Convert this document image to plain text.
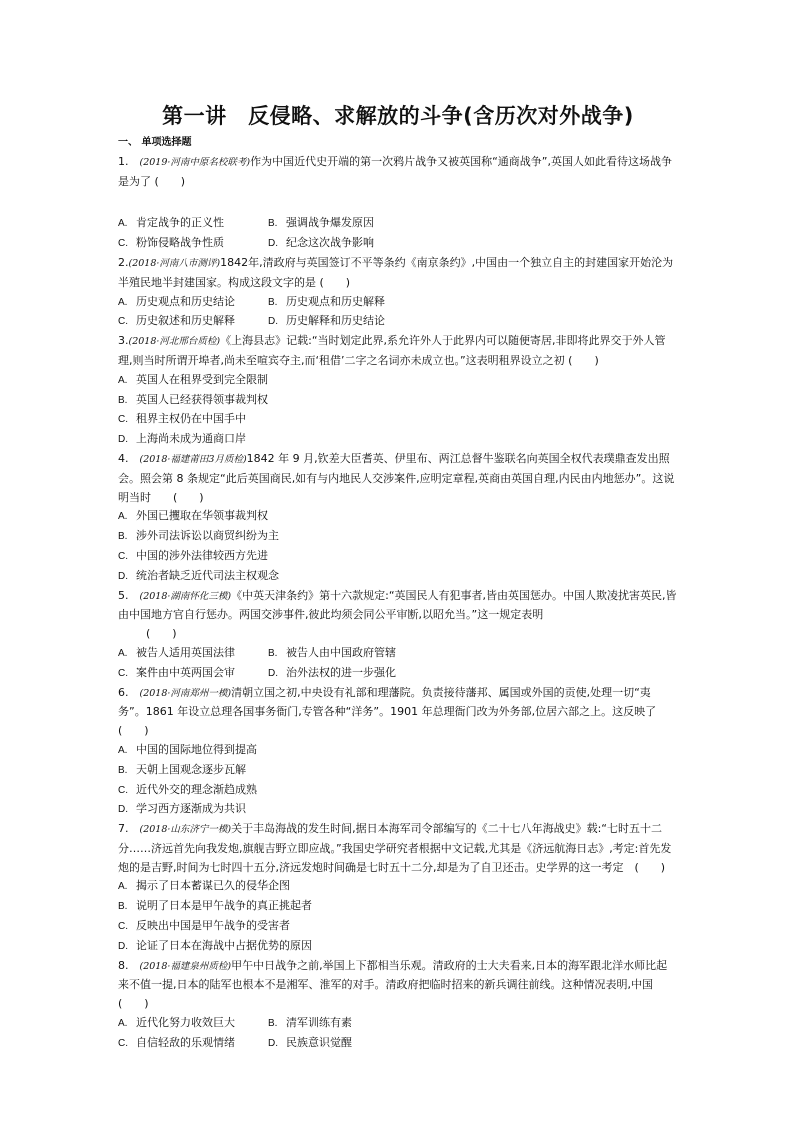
第一讲　反侵略、求解放的斗争(含历次对外战争)
一、 单项选择题

1.　 (2019·河南中原名校联考)作为中国近代史开端的第一次鸦片战争又被英国称“通商战争”,英国人如此看待这场战争是为了 (　　)

A. 肯定战争的正义性	B. 强调战争爆发原因

C. 粉饰侵略战争性质	D. 纪念这次战争影响

2.(2018·河南八市测评)1842年,清政府与英国签订不平等条约《南京条约》,中国由一个独立自主的封建国家开始沦为半殖民地半封建国家。构成这段文字的是 (　　)

A. 历史观点和历史结论	B. 历史观点和历史解释

C. 历史叙述和历史解释	D. 历史解释和历史结论

3.(2018·河北邢台质检)《上海县志》记载:“当时划定此界,系允许外人于此界内可以随便寄居,非即将此界交于外人管理,则当时所谓开埠者,尚未至喧宾夺主,而‘租借’二字之名词亦未成立也。”这表明租界设立之初 (　　)

A. 英国人在租界受到完全限制

B. 英国人已经获得领事裁判权

C. 租界主权仍在中国手中

D. 上海尚未成为通商口岸

4.　 (2018·福建莆田3月质检)1842 年 9 月,钦差大臣耆英、伊里布、两江总督牛鉴联名向英国全权代表璞鼎查发出照会。照会第 8 条规定“此后英国商民,如有与内地民人交涉案件,应明定章程,英商由英国自理,内民由内地惩办”。这说明当时　　(　　)

A. 外国已攫取在华领事裁判权

B. 涉外司法诉讼以商贸纠纷为主

C. 中国的涉外法律较西方先进

D. 统治者缺乏近代司法主权观念

5.　 (2018·湖南怀化三模)《中英天津条约》第十六款规定:“英国民人有犯事者,皆由英国惩办。中国人欺凌扰害英民,皆由中国地方官自行惩办。两国交涉事件,彼此均须会同公平审断,以昭允当。”这一规定表明

(　　)

A. 被告人适用英国法律	B. 被告人由中国政府管辖

C. 案件由中英两国会审	D. 治外法权的进一步强化

6.　 (2018·河南郑州一模)清朝立国之初,中央设有礼部和理藩院。负责接待藩邦、属国或外国的贡使,处理一切“夷务”。1861 年设立总理各国事务衙门,专管各种“洋务”。1901 年总理衙门改为外务部,位居六部之上。这反映了　(　　)

A. 中国的国际地位得到提高

B. 天朝上国观念逐步瓦解

C. 近代外交的理念渐趋成熟

D. 学习西方逐渐成为共识

7.　 (2018·山东济宁一模)关于丰岛海战的发生时间,据日本海军司令部编写的《二十七八年海战史》载:“七时五十二分……济远首先向我发炮,旗舰吉野立即应战。”我国史学研究者根据中文记载,尤其是《济远航海日志》,考定:首先发炮的是吉野,时间为七时四十五分,济远发炮时间确是七时五十二分,却是为了自卫还击。史学界的这一考定　(　　)

A. 揭示了日本蓄谋已久的侵华企图

B. 说明了日本是甲午战争的真正挑起者

C. 反映出中国是甲午战争的受害者

D. 论证了日本在海战中占据优势的原因

8.　 (2018·福建泉州质检)甲午中日战争之前,举国上下都相当乐观。清政府的士大夫看来,日本的海军跟北洋水师比起来不值一提,日本的陆军也根本不是湘军、淮军的对手。清政府把临时招来的新兵调往前线。这种情况表明,中国　(　　)

A. 近代化努力收效巨大	B. 清军训练有素

C. 自信轻敌的乐观情绪	D. 民族意识觉醒
